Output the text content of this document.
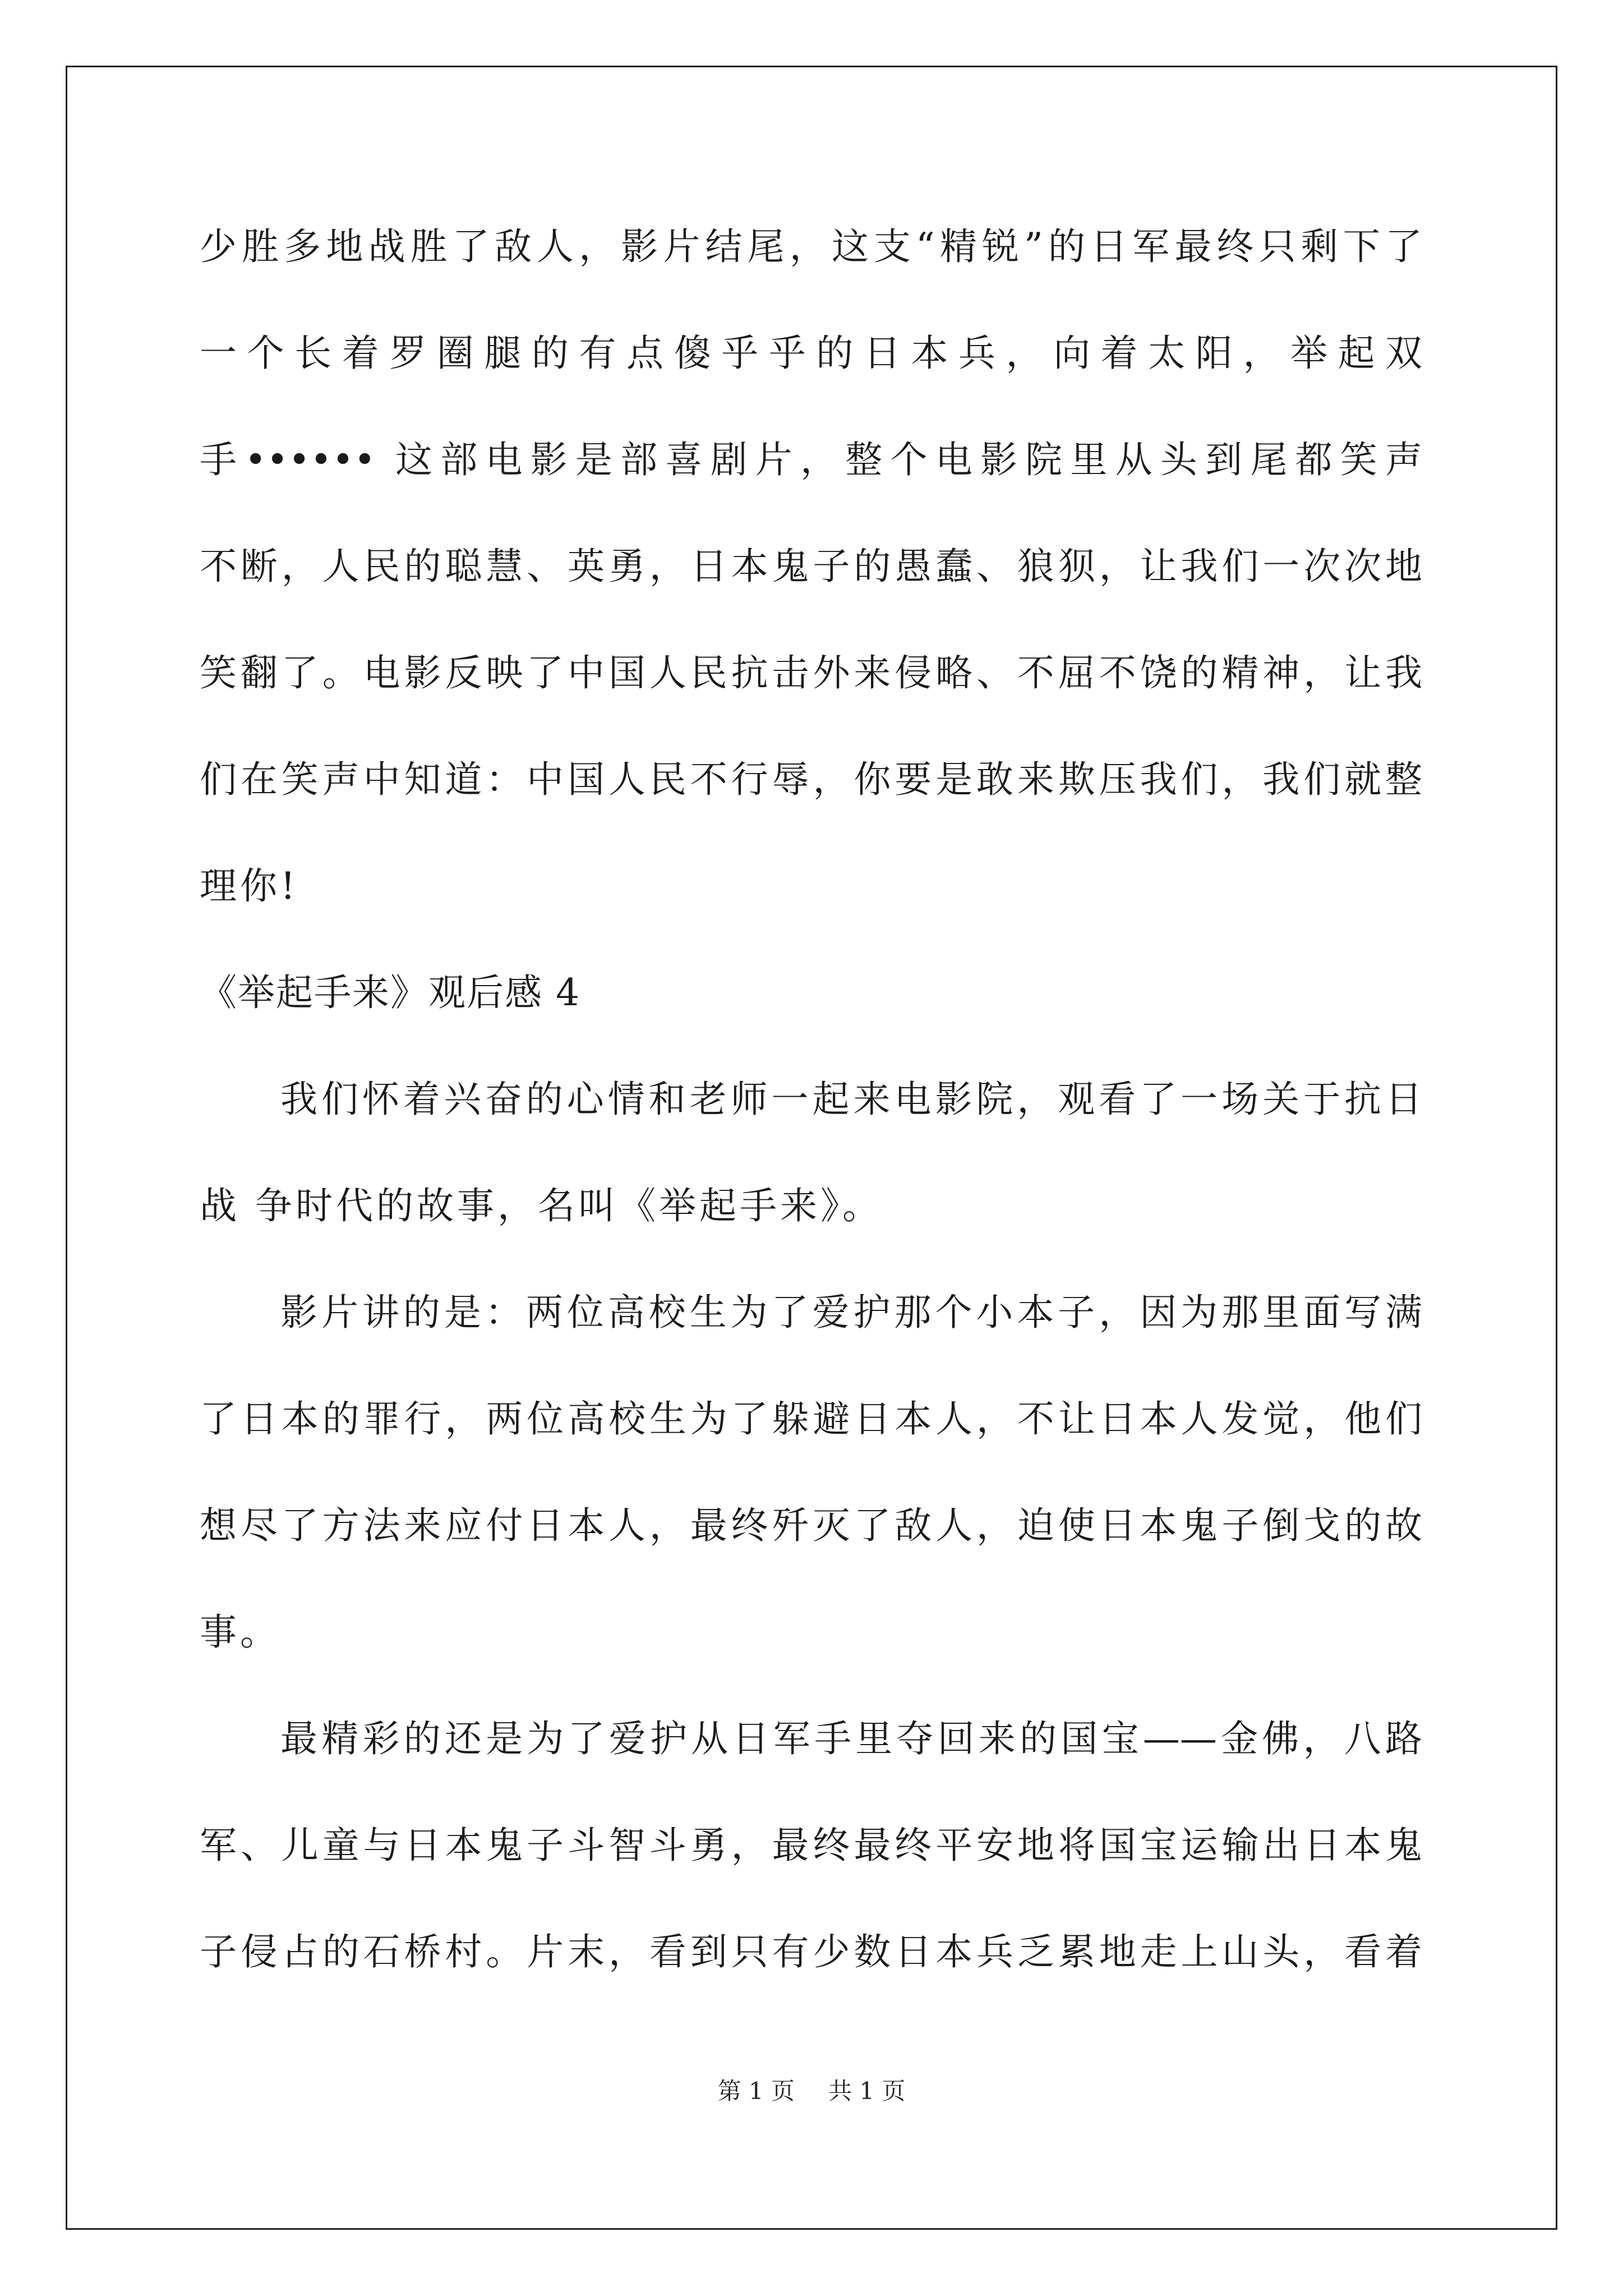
少胜多地战胜了敌人，影片结尾，这支“精锐”的日军最终只剩下了
一个长着罗圈腿的有点傻乎乎的日本兵，向着太阳，举起双
手•••••• 这部电影是部喜剧片，整个电影院里从头到尾都笑声
不断，人民的聪慧、英勇，日本鬼子的愚蠢、狼狈，让我们一次次地
笑翻了。电影反映了中国人民抗击外来侵略、不屈不饶的精神，让我
们在笑声中知道：中国人民不行辱，你要是敢来欺压我们，我们就整
理你!
《举起手来》观后感 4
我们怀着兴奋的心情和老师一起来电影院，观看了一场关于抗日
战 争时代的故事，名叫《举起手来》。
影片讲的是：两位高校生为了爱护那个小本子，因为那里面写满
了日本的罪行，两位高校生为了躲避日本人，不让日本人发觉，他们
想尽了方法来应付日本人，最终歼灭了敌人，迫使日本鬼子倒戈的故
事。
最精彩的还是为了爱护从日军手里夺回来的国宝——金佛，八路
军、儿童与日本鬼子斗智斗勇，最终最终平安地将国宝运输出日本鬼
子侵占的石桥村。片末，看到只有少数日本兵乏累地走上山头，看着
第 1 页 共 1 页
